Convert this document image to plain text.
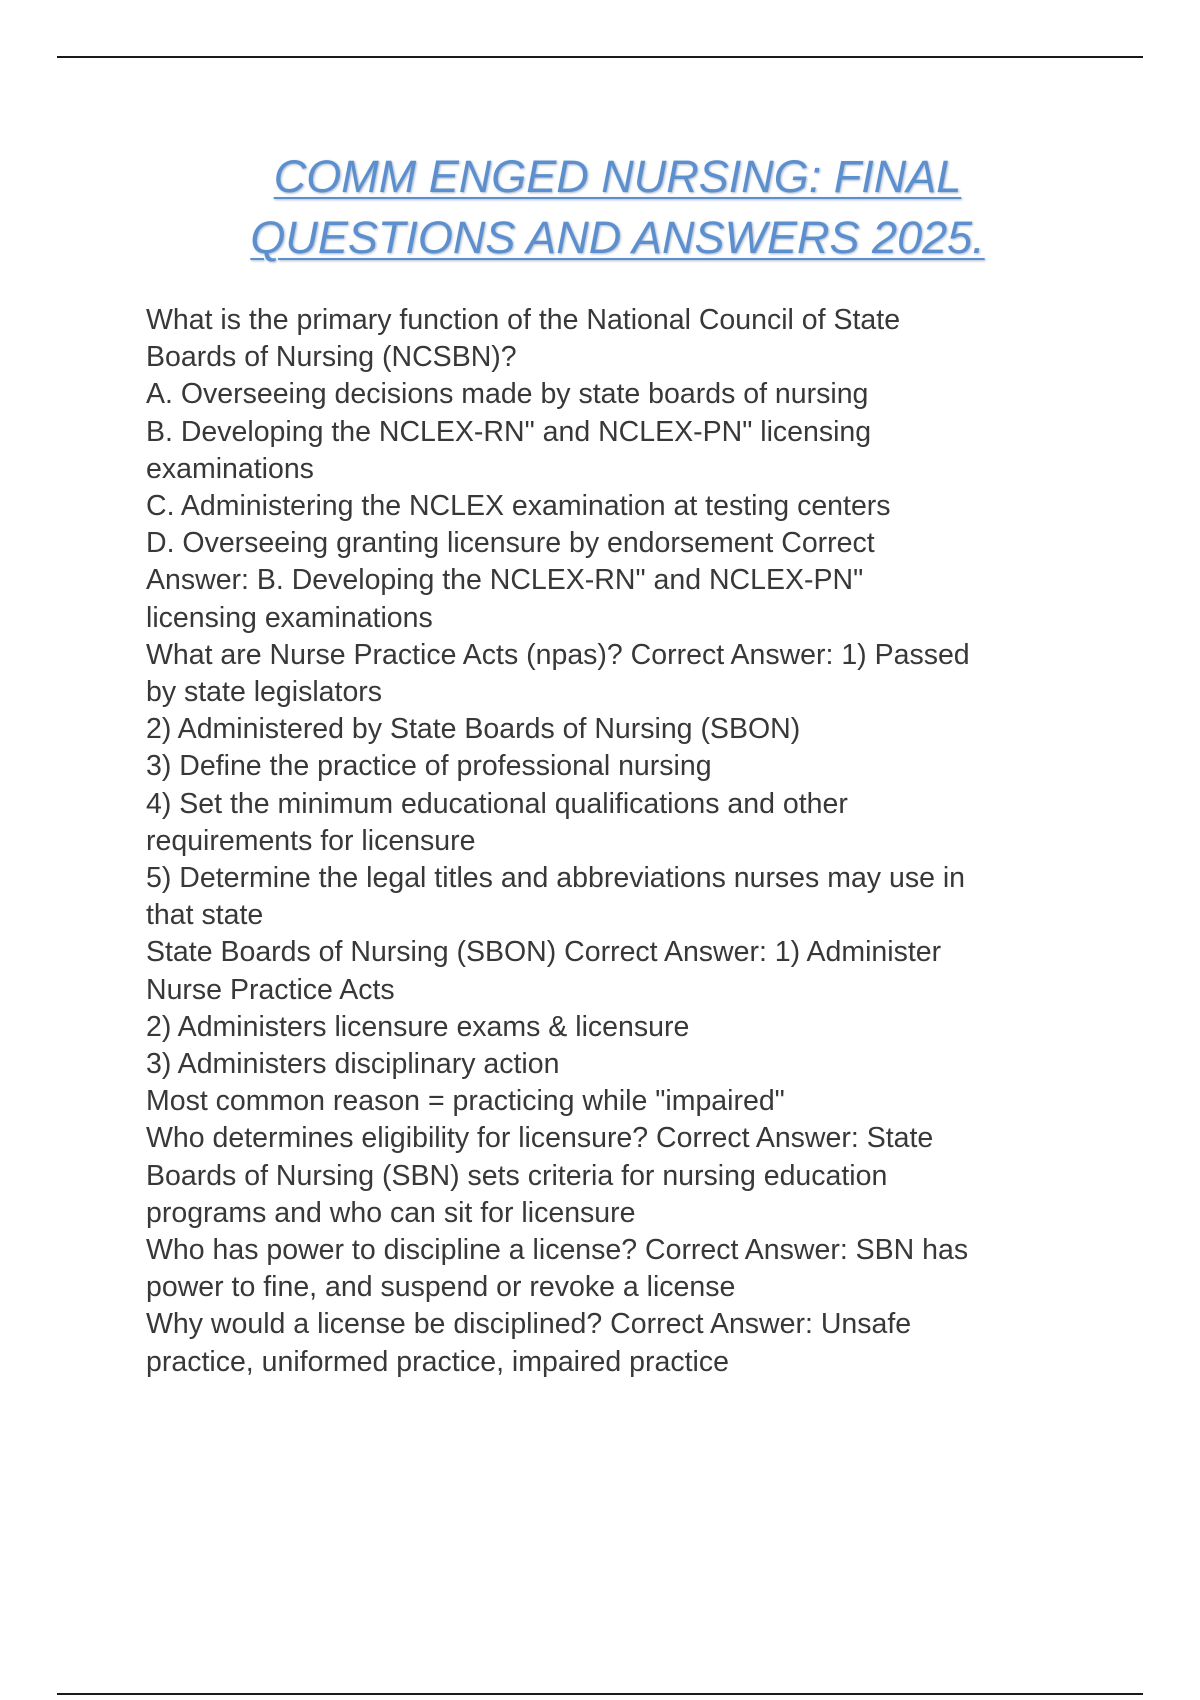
COMM ENGED NURSING: FINAL
QUESTIONS AND ANSWERS 2025.
What is the primary function of the National Council of State
Boards of Nursing (NCSBN)?
A. Overseeing decisions made by state boards of nursing
B. Developing the NCLEX-RN" and NCLEX-PN" licensing
examinations
C. Administering the NCLEX examination at testing centers
D. Overseeing granting licensure by endorsement Correct
Answer: B. Developing the NCLEX-RN" and NCLEX-PN"
licensing examinations
What are Nurse Practice Acts (npas)? Correct Answer: 1) Passed
by state legislators
2) Administered by State Boards of Nursing (SBON)
3) Define the practice of professional nursing
4) Set the minimum educational qualifications and other
requirements for licensure
5) Determine the legal titles and abbreviations nurses may use in
that state
State Boards of Nursing (SBON) Correct Answer: 1) Administer
Nurse Practice Acts
2) Administers licensure exams & licensure
3) Administers disciplinary action
Most common reason = practicing while "impaired"
Who determines eligibility for licensure? Correct Answer: State
Boards of Nursing (SBN) sets criteria for nursing education
programs and who can sit for licensure
Who has power to discipline a license? Correct Answer: SBN has
power to fine, and suspend or revoke a license
Why would a license be disciplined? Correct Answer: Unsafe
practice, uniformed practice, impaired practice
